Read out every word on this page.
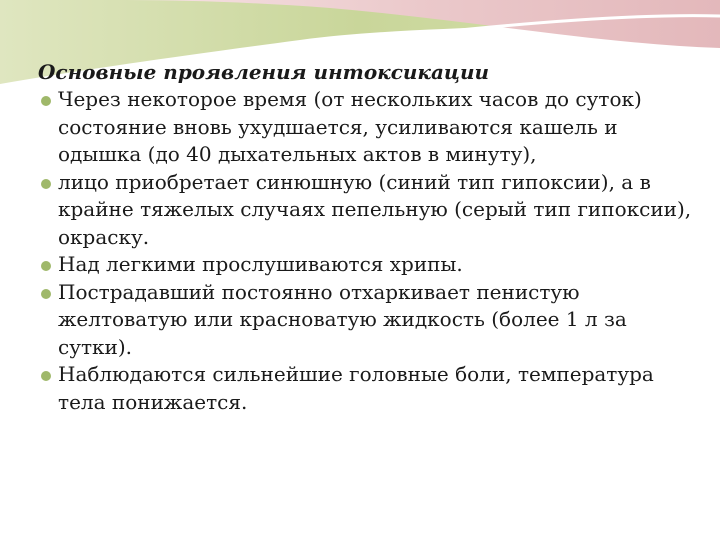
Основные проявления интоксикации
Через некоторое время (от нескольких часов до суток) состояние вновь ухудшается, усиливаются кашель и одышка (до 40 дыхательных актов в минуту),
лицо приобретает синюшную (синий тип гипоксии), а в крайне тяжелых случаях пепельную (серый тип гипоксии), окраску.
Над легкими прослушиваются хрипы.
Пострадавший постоянно отхаркивает пенистую желтоватую или красноватую жидкость (более 1 л за сутки).
Наблюдаются сильнейшие головные боли, температура тела понижается.
